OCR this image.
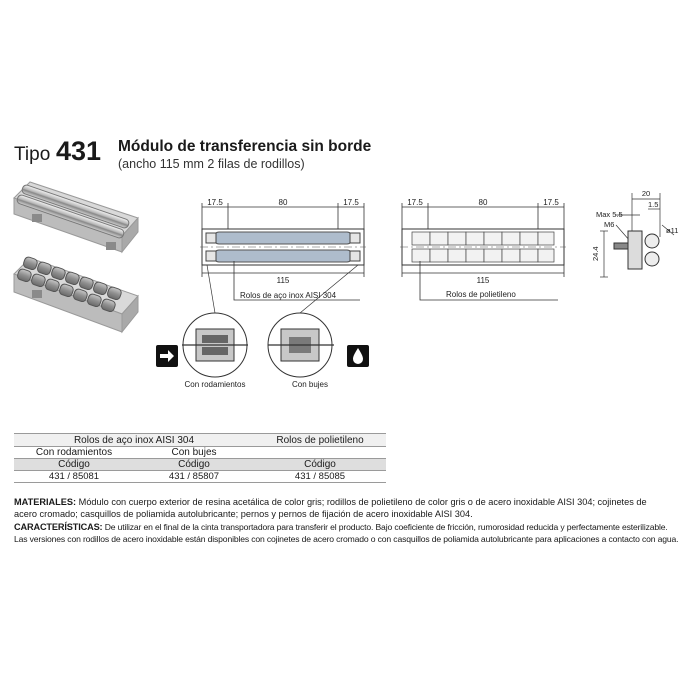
Tipo 431 Módulo de transferencia sin borde
(ancho 115 mm 2 filas de rodillos)
17.5	80	17.5
115
Rolos de aço inox AISI 304
Con rodamientos	Con bujes
17.5	80	17.5
115
Rolos de polietileno
20
Max 5.5
1.5
M6
ø11
24.4
Rolos de aço inox AISI 304		Rolos de polietileno
Con rodamientos	Con bujes	
Código	Código	Código
431 / 85081	431 / 85807	431 / 85085
MATERIALES: Módulo con cuerpo exterior de resina acetálica de color gris; rodillos de polietileno de color gris o de acero inoxidable AISI 304; cojinetes de
acero cromado; casquillos de poliamida autolubricante; pernos y pernos de fijación de acero inoxidable AISI 304.
CARACTERÍSTICAS: De utilizar en el final de la cinta transportadora para transferir el producto. Bajo coeficiente de fricción, rumorosidad reducida y perfectamente esterilizable.
Las versiones con rodillos de acero inoxidable están disponibles con cojinetes de acero cromado o con casquillos de poliamida autolubricante para aplicaciones a contacto con agua.
